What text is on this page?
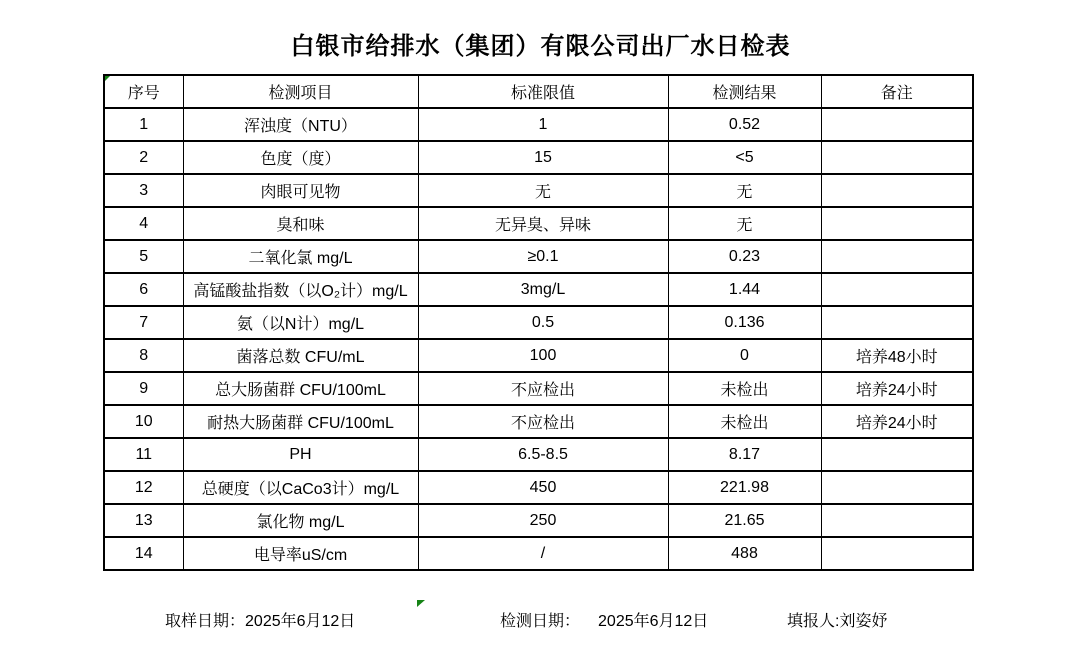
白银市给排水（集团）有限公司出厂水日检表
序号	检测项目	标准限值	检测结果	备注
1	浑浊度（NTU）	1	0.52	
2	色度（度）	15	<5	
3	肉眼可见物	无	无	
4	臭和味	无异臭、异味	无	
5	二氧化氯 mg/L	≥0.1	0.23	
6	高锰酸盐指数（以O₂计）mg/L	3mg/L	1.44	
7	氨（以N计）mg/L	0.5	0.136	
8	菌落总数 CFU/mL	100	0	培养48小时
9	总大肠菌群 CFU/100mL	不应检出	未检出	培养24小时
10	耐热大肠菌群 CFU/100mL	不应检出	未检出	培养24小时
11	PH	6.5-8.5	8.17	
12	总硬度（以CaCo3计）mg/L	450	221.98	
13	氯化物 mg/L	250	21.65	
14	电导率uS/cm	/	488	
取样日期：2025年6月12日	检测日期： 2025年6月12日	填报人:刘姿妤
